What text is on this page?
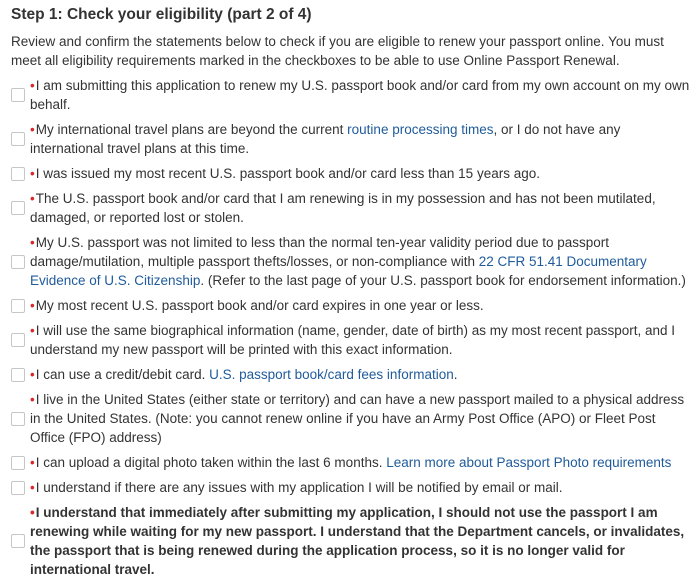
Step 1: Check your eligibility (part 2 of 4)

Review and confirm the statements below to check if you are eligible to renew your passport online. You must meet all eligibility requirements marked in the checkboxes to be able to use Online Passport Renewal.

•I am submitting this application to renew my U.S. passport book and/or card from my own account on my own behalf.
•My international travel plans are beyond the current routine processing times, or I do not have any international travel plans at this time.
•I was issued my most recent U.S. passport book and/or card less than 15 years ago.
•The U.S. passport book and/or card that I am renewing is in my possession and has not been mutilated, damaged, or reported lost or stolen.
•My U.S. passport was not limited to less than the normal ten-year validity period due to passport damage/mutilation, multiple passport thefts/losses, or non-compliance with 22 CFR 51.41 Documentary Evidence of U.S. Citizenship. (Refer to the last page of your U.S. passport book for endorsement information.)
•My most recent U.S. passport book and/or card expires in one year or less.
•I will use the same biographical information (name, gender, date of birth) as my most recent passport, and I understand my new passport will be printed with this exact information.
•I can use a credit/debit card. U.S. passport book/card fees information.
•I live in the United States (either state or territory) and can have a new passport mailed to a physical address in the United States. (Note: you cannot renew online if you have an Army Post Office (APO) or Fleet Post Office (FPO) address)
•I can upload a digital photo taken within the last 6 months. Learn more about Passport Photo requirements
•I understand if there are any issues with my application I will be notified by email or mail.
•I understand that immediately after submitting my application, I should not use the passport I am renewing while waiting for my new passport. I understand that the Department cancels, or invalidates, the passport that is being renewed during the application process, so it is no longer valid for international travel.
